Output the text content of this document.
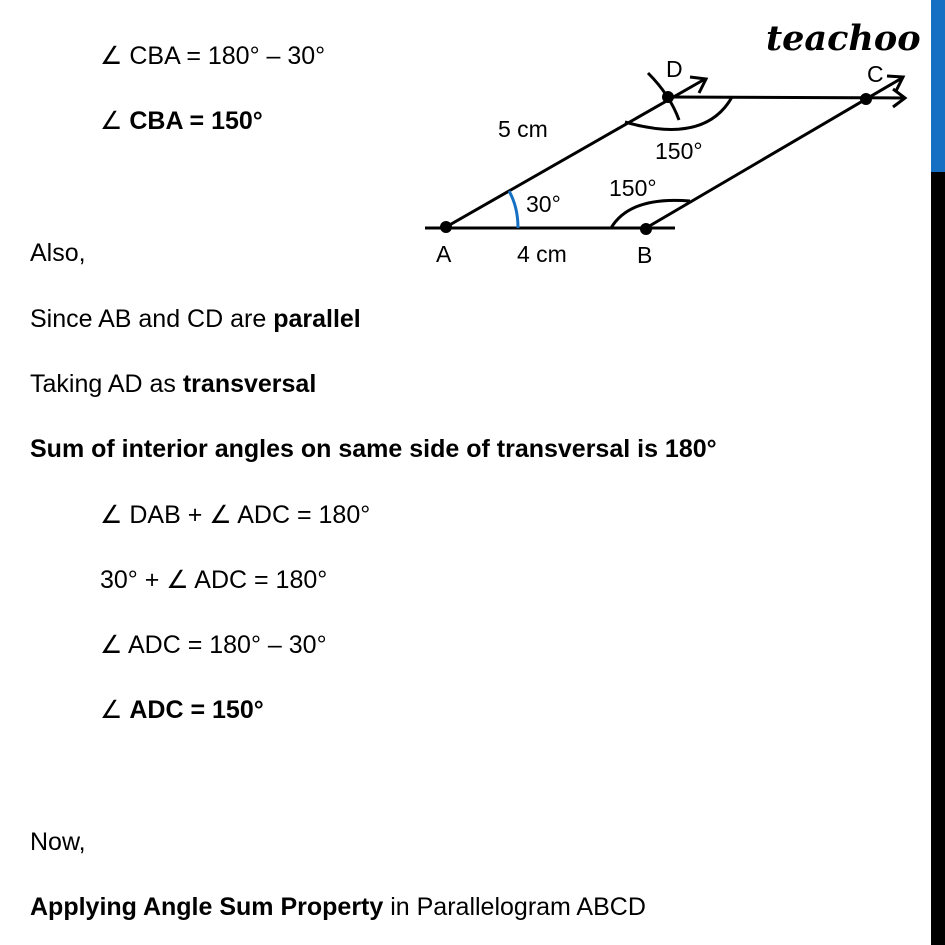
teachoo
∠ CBA = 180° – 30°
∠ CBA = 150°
Also,
Since AB and CD are parallel
Taking AD as transversal
Sum of interior angles on same side of transversal is 180°
∠ DAB + ∠ ADC = 180°
30° + ∠ ADC = 180°
∠ ADC = 180° – 30°
∠ ADC = 150°
Now,
Applying Angle Sum Property in Parallelogram ABCD
A	B
D	C
5 cm
4 cm
30°
150°
150°
